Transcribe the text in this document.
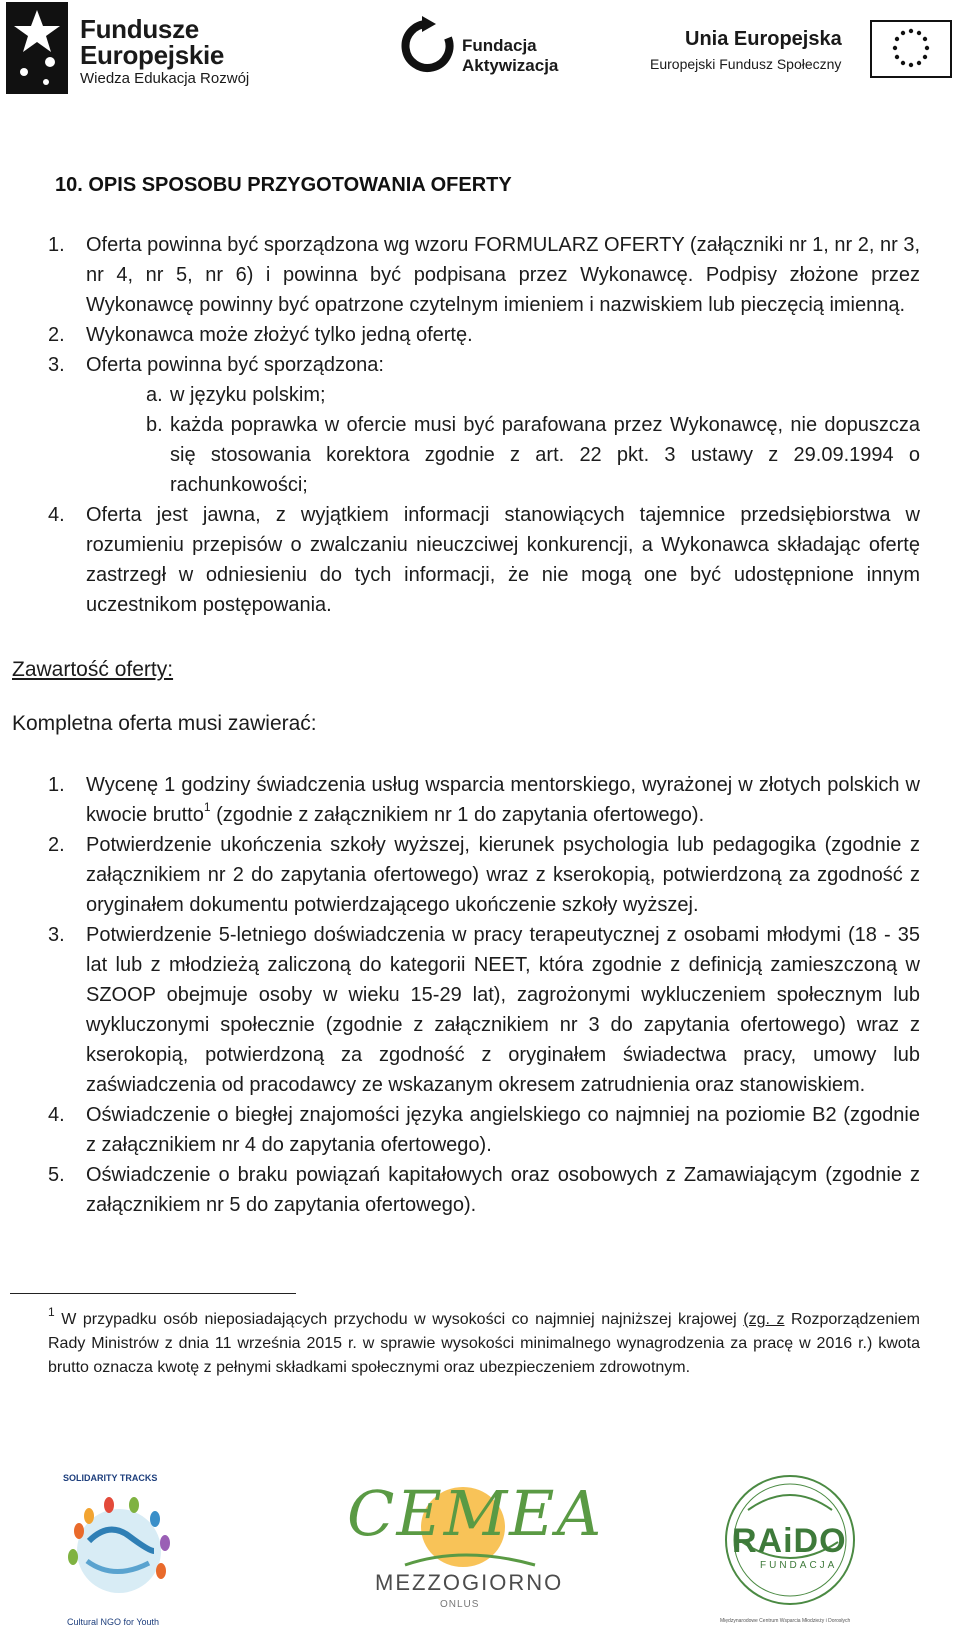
Fundusze
Europejskie
Wiedza Edukacja Rozwój
Fundacja
Aktywizacja
Unia Europejska
Europejski Fundusz Społeczny
10. OPIS SPOSOBU PRZYGOTOWANIA OFERTY
1. Oferta powinna być sporządzona wg wzoru FORMULARZ OFERTY (załączniki nr 1, nr 2, nr 3, nr 4, nr 5, nr 6) i powinna być podpisana przez Wykonawcę. Podpisy złożone przez Wykonawcę powinny być opatrzone czytelnym imieniem i nazwiskiem lub pieczęcią imienną.
2. Wykonawca może złożyć tylko jedną ofertę.
3. Oferta powinna być sporządzona:
a. w języku polskim;
b. każda poprawka w ofercie musi być parafowana przez Wykonawcę, nie dopuszcza się stosowania korektora zgodnie z art. 22 pkt. 3 ustawy z 29.09.1994 o rachunkowości;
4. Oferta jest jawna, z wyjątkiem informacji stanowiących tajemnice przedsiębiorstwa w rozumieniu przepisów o zwalczaniu nieuczciwej konkurencji, a Wykonawca składając ofertę zastrzegł w odniesieniu do tych informacji, że nie mogą one być udostępnione innym uczestnikom postępowania.
Zawartość oferty:
Kompletna oferta musi zawierać:
1. Wycenę 1 godziny świadczenia usług wsparcia mentorskiego, wyrażonej w złotych polskich w kwocie brutto$^1$ (zgodnie z załącznikiem nr 1 do zapytania ofertowego).
2. Potwierdzenie ukończenia szkoły wyższej, kierunek psychologia lub pedagogika (zgodnie z załącznikiem nr 2 do zapytania ofertowego) wraz z kserokopią, potwierdzoną za zgodność z oryginałem dokumentu potwierdzającego ukończenie szkoły wyższej.
3. Potwierdzenie 5-letniego doświadczenia w pracy terapeutycznej z osobami młodymi (18 - 35 lat lub z młodzieżą zaliczoną do kategorii NEET, która zgodnie z definicją zamieszczoną w SZOOP obejmuje osoby w wieku 15-29 lat), zagrożonymi wykluczeniem społecznym lub wykluczonymi społecznie (zgodnie z załącznikiem nr 3 do zapytania ofertowego) wraz z kserokopią, potwierdzoną za zgodność z oryginałem świadectwa pracy, umowy lub zaświadczenia od pracodawcy ze wskazanym okresem zatrudnienia oraz stanowiskiem.
4. Oświadczenie o biegłej znajomości języka angielskiego co najmniej na poziomie B2 (zgodnie z załącznikiem nr 4 do zapytania ofertowego).
5. Oświadczenie o braku powiązań kapitałowych oraz osobowych z Zamawiającym (zgodnie z załącznikiem nr 5 do zapytania ofertowego).
$^1$ W przypadku osób nieposiadających przychodu w wysokości co najmniej najniższej krajowej (zg. z Rozporządzeniem Rady Ministrów z dnia 11 września 2015 r. w sprawie wysokości minimalnego wynagrodzenia za pracę w 2016 r.) kwota brutto oznacza kwotę z pełnymi składkami społecznymi oraz ubezpieczeniem zdrowotnym.
SOLIDARITY TRACKS
Cultural NGO for Youth
CEMEA
MEZZOGIORNO
ONLUS
RAiDO
FUNDACJA
Międzynarodowe Centrum Wsparcia Młodzieży i Dorosłych
